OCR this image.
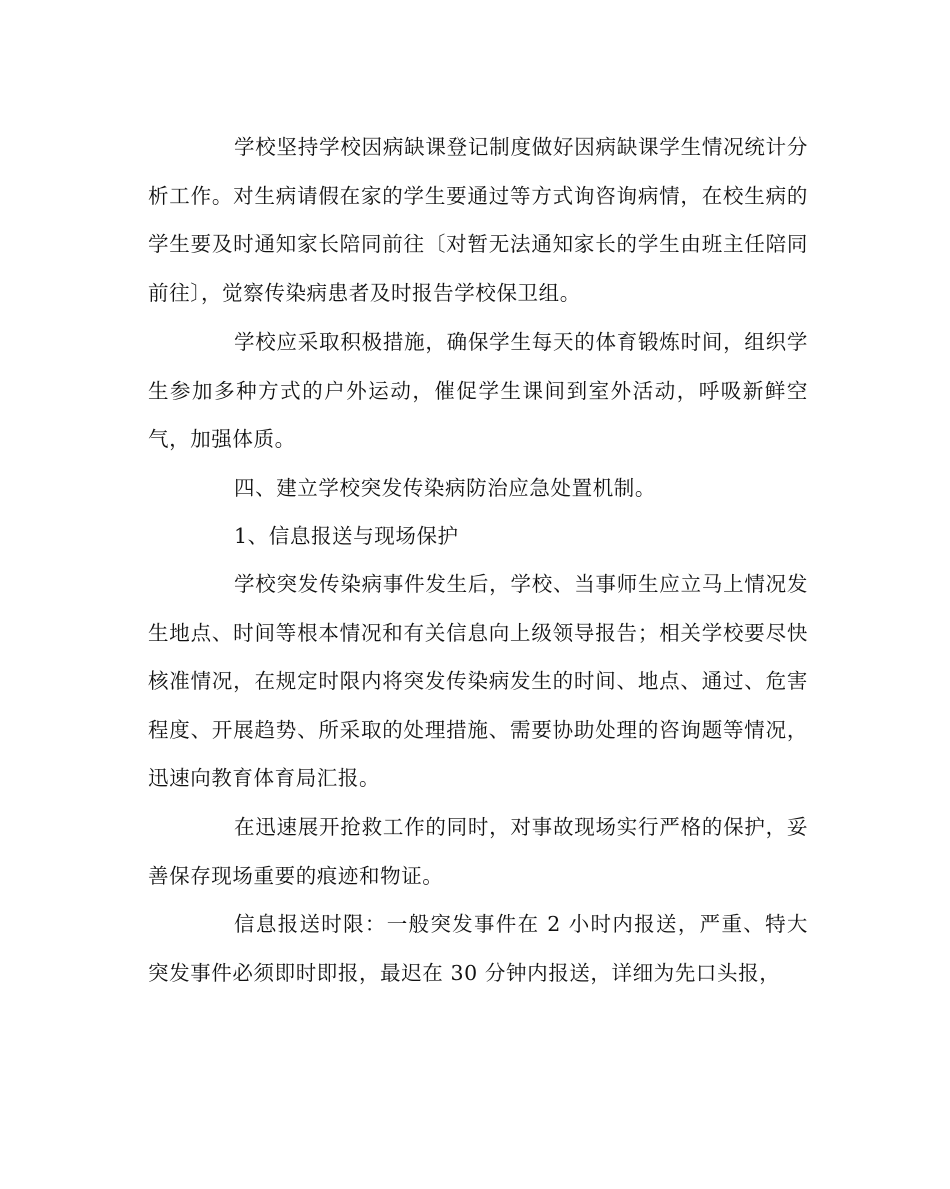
学校坚持学校因病缺课登记制度做好因病缺课学生情况统计分析工作。对生病请假在家的学生要通过等方式询咨询病情，在校生病的学生要及时通知家长陪同前往〔对暂无法通知家长的学生由班主任陪同前往〕，觉察传染病患者及时报告学校保卫组。

学校应采取积极措施，确保学生每天的体育锻炼时间，组织学生参加多种方式的户外运动，催促学生课间到室外活动，呼吸新鲜空气，加强体质。

四、建立学校突发传染病防治应急处置机制。

1、信息报送与现场保护

学校突发传染病事件发生后，学校、当事师生应立马上情况发生地点、时间等根本情况和有关信息向上级领导报告；相关学校要尽快核准情况，在规定时限内将突发传染病发生的时间、地点、通过、危害程度、开展趋势、所采取的处理措施、需要协助处理的咨询题等情况，迅速向教育体育局汇报。

在迅速展开抢救工作的同时，对事故现场实行严格的保护，妥善保存现场重要的痕迹和物证。

信息报送时限：一般突发事件在 2 小时内报送，严重、特大突发事件必须即时即报，最迟在 30 分钟内报送，详细为先口头报，
